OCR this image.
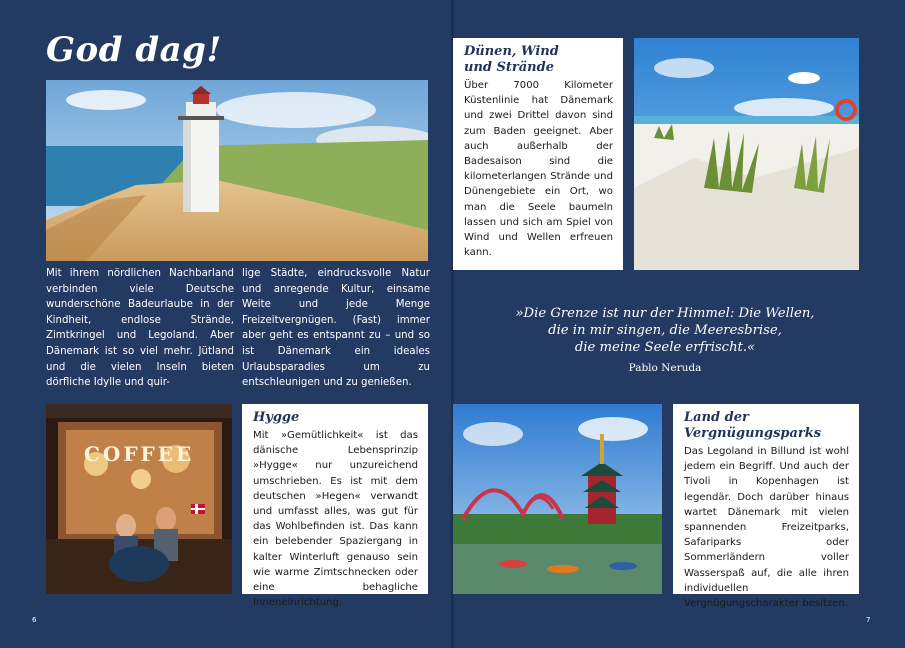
God dag!

Mit ihrem nördlichen Nachbarland verbinden viele Deutsche wunderschöne Badeurlaube in der Kindheit, endlose Strände, Zimtkringel und Legoland. Aber Dänemark ist so viel mehr. Jütland und die vielen Inseln bieten dörfliche Idylle und quir-

lige Städte, eindrucksvolle Natur und anregende Kultur, einsame Weite und jede Menge Freizeitvergnügen. (Fast) immer aber geht es entspannt zu – und so ist Dänemark ein ideales Urlaubsparadies um zu entschleunigen und zu genießen.

COFFEE
Hygge

Mit »Gemütlichkeit« ist das dänische Lebensprinzip »Hygge« nur unzureichend umschrieben. Es ist mit dem deutschen »Hegen« verwandt und umfasst alles, was gut für das Wohlbefinden ist. Das kann ein belebender Spaziergang in kalter Winterluft genauso sein wie warme Zimtschnecken oder eine behagliche Inneneinrichtung.

6
Dünen, Wind
und Strände

Über 7000 Kilometer Küstenlinie hat Dänemark und zwei Drittel davon sind zum Baden geeignet. Aber auch außerhalb der Badesaison sind die kilometerlangen Strände und Dünengebiete ein Ort, wo man die Seele baumeln lassen und sich am Spiel von Wind und Wellen erfreuen kann.

»Die Grenze ist nur der Himmel: Die Wellen,

die in mir singen, die Meeresbrise,

die meine Seele erfrischt.«

Pablo Neruda

Land der
Vergnügungsparks

Das Legoland in Billund ist wohl jedem ein Begriff. Und auch der Tivoli in Kopenhagen ist legendär. Doch darüber hinaus wartet Dänemark mit vielen spannenden Freizeitparks, Safariparks oder Sommerländern voller Wasserspaß auf, die alle ihren individuellen Vergnügungscharakter besitzen.

7
